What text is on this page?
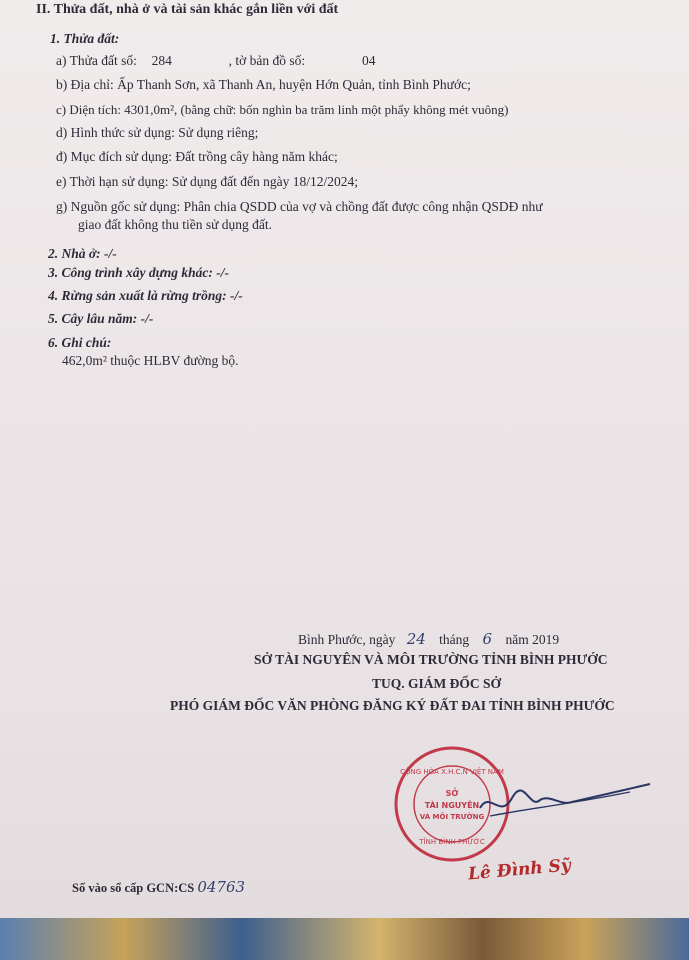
II. Thửa đất, nhà ở và tài sản khác gắn liền với đất
1. Thửa đất:
a) Thửa đất số: 284	, tờ bản đồ số:	04
b) Địa chỉ: Ấp Thanh Sơn, xã Thanh An, huyện Hớn Quản, tỉnh Bình Phước;
c) Diện tích: 4301,0m², (bằng chữ: bốn nghìn ba trăm linh một phẩy không mét vuông)
d) Hình thức sử dụng: Sử dụng riêng;
đ) Mục đích sử dụng: Đất trồng cây hàng năm khác;
e) Thời hạn sử dụng: Sử dụng đất đến ngày 18/12/2024;
g) Nguồn gốc sử dụng: Phân chia QSDD của vợ và chồng đất được công nhận QSDĐ như
giao đất không thu tiền sử dụng đất.
2. Nhà ở: -/-
3. Công trình xây dựng khác: -/-
4. Rừng sản xuất là rừng trồng: -/-
5. Cây lâu năm: -/-
6. Ghi chú:
462,0m² thuộc HLBV đường bộ.
Bình Phước, ngày 24 tháng 6 năm 2019
SỞ TÀI NGUYÊN VÀ MÔI TRƯỜNG TỈNH BÌNH PHƯỚC
TUQ. GIÁM ĐỐC SỞ
PHÓ GIÁM ĐỐC VĂN PHÒNG ĐĂNG KÝ ĐẤT ĐAI TỈNH BÌNH PHƯỚC
CỘNG HÒA X.H.C.N VIỆT NAM
SỞ
TÀI NGUYÊN
VÀ MÔI TRƯỜNG
TỈNH BÌNH PHƯỚC
Lê Đình Sỹ
Số vào sổ cấp GCN:CS 04763
